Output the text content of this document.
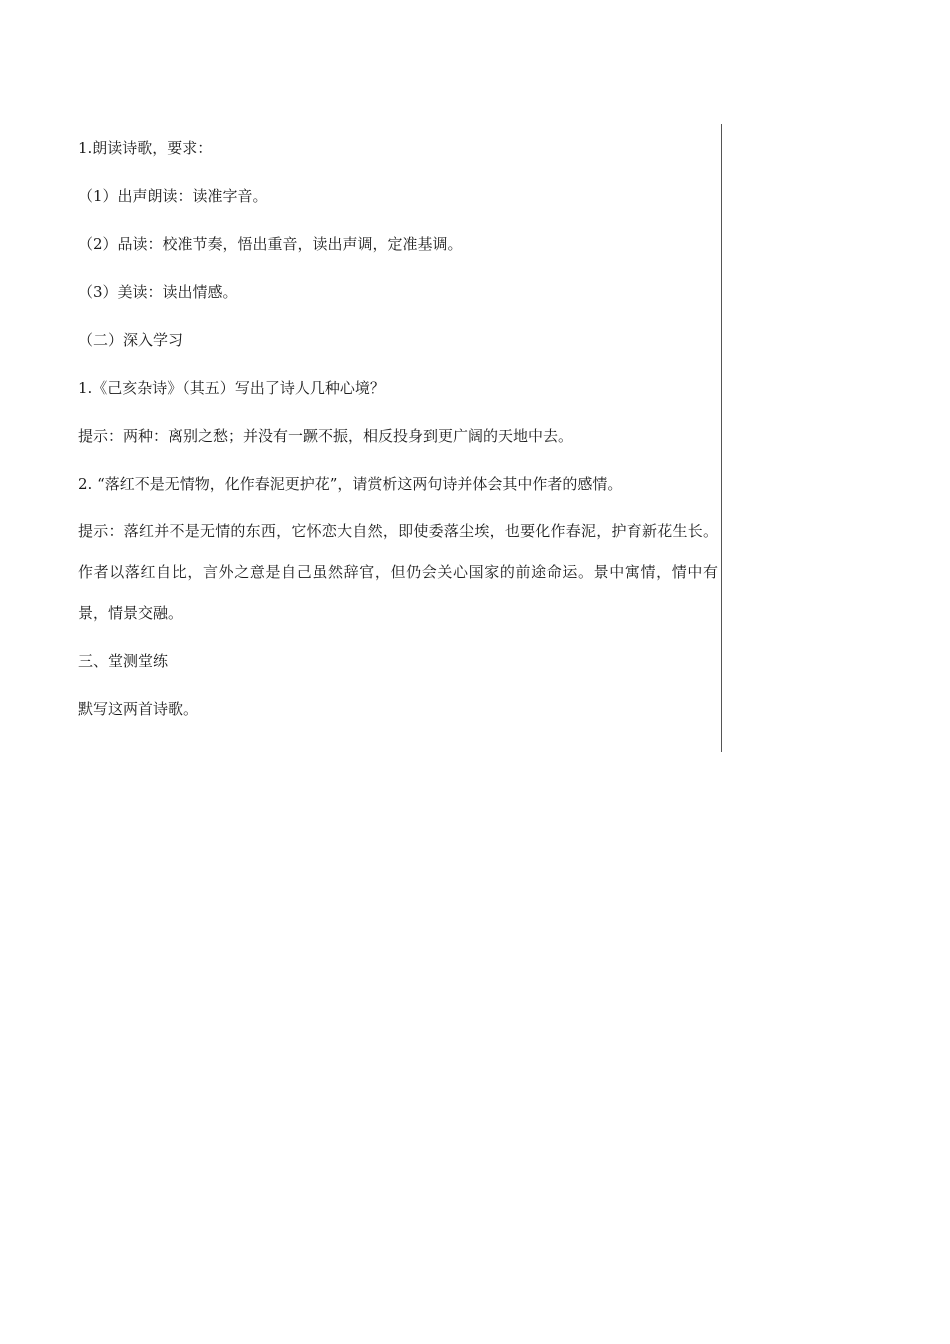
1.朗读诗歌，要求：

（1）出声朗读：读准字音。

（2）品读：校准节奏，悟出重音，读出声调，定准基调。

（3）美读：读出情感。

（二）深入学习

1.《己亥杂诗》（其五）写出了诗人几种心境？

提示：两种：离别之愁；并没有一蹶不振，相反投身到更广阔的天地中去。

2. “落红不是无情物，化作春泥更护花”，请赏析这两句诗并体会其中作者的感情。

提示：落红并不是无情的东西，它怀恋大自然，即使委落尘埃，也要化作春泥，护育新花生长。作者以落红自比，言外之意是自己虽然辞官，但仍会关心国家的前途命运。景中寓情，情中有景，情景交融。

三、堂测堂练

默写这两首诗歌。
